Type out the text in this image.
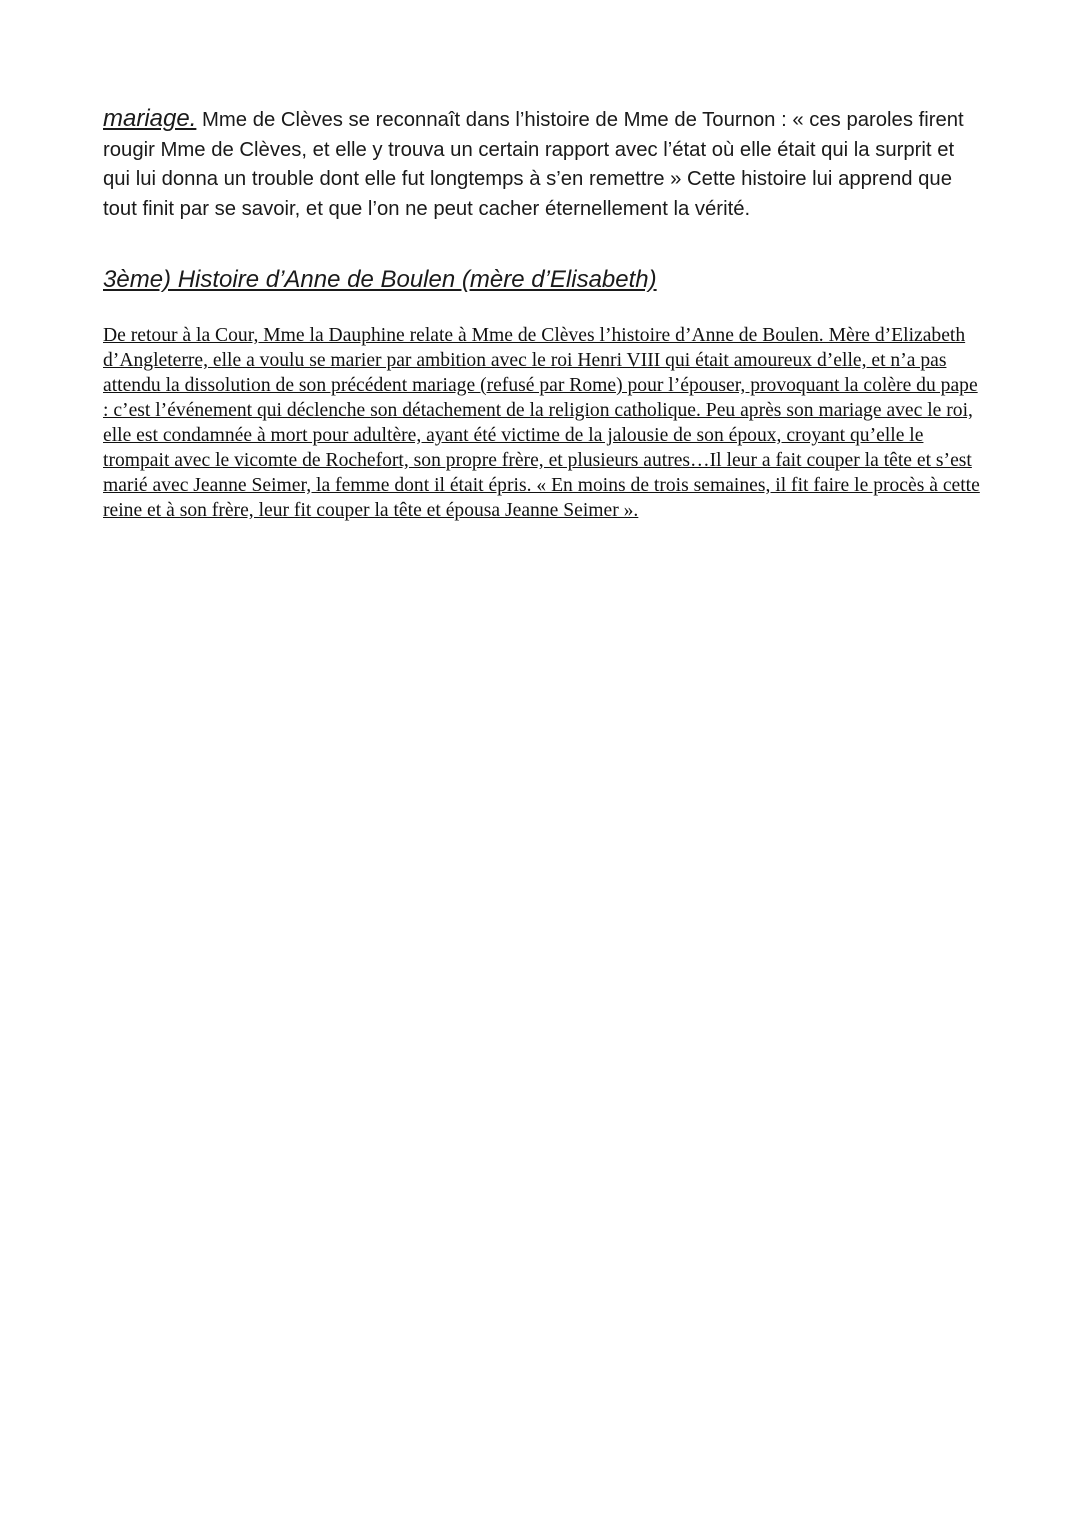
mariage. Mme de Clèves se reconnaît dans l’histoire de Mme de Tournon : « ces paroles firent rougir Mme de Clèves, et elle y trouva un certain rapport avec l’état où elle était qui la surprit et qui lui donna un trouble dont elle fut longtemps à s’en remettre » Cette histoire lui apprend que tout finit par se savoir, et que l’on ne peut cacher éternellement la vérité.

3ème) Histoire d’Anne de Boulen (mère d’Elisabeth)

De retour à la Cour, Mme la Dauphine relate à Mme de Clèves l’histoire d’Anne de Boulen. Mère d’Elizabeth d’Angleterre, elle a voulu se marier par ambition avec le roi Henri VIII qui était amoureux d’elle, et n’a pas attendu la dissolution de son précédent mariage (refusé par Rome) pour l’épouser, provoquant la colère du pape : c’est l’événement qui déclenche son détachement de la religion catholique. Peu après son mariage avec le roi, elle est condamnée à mort pour adultère, ayant été victime de la jalousie de son époux, croyant qu’elle le trompait avec le vicomte de Rochefort, son propre frère, et plusieurs autres…Il leur a fait couper la tête et s’est marié avec Jeanne Seimer, la femme dont il était épris. « En moins de trois semaines, il fit faire le procès à cette reine et à son frère, leur fit couper la tête et épousa Jeanne Seimer ».
